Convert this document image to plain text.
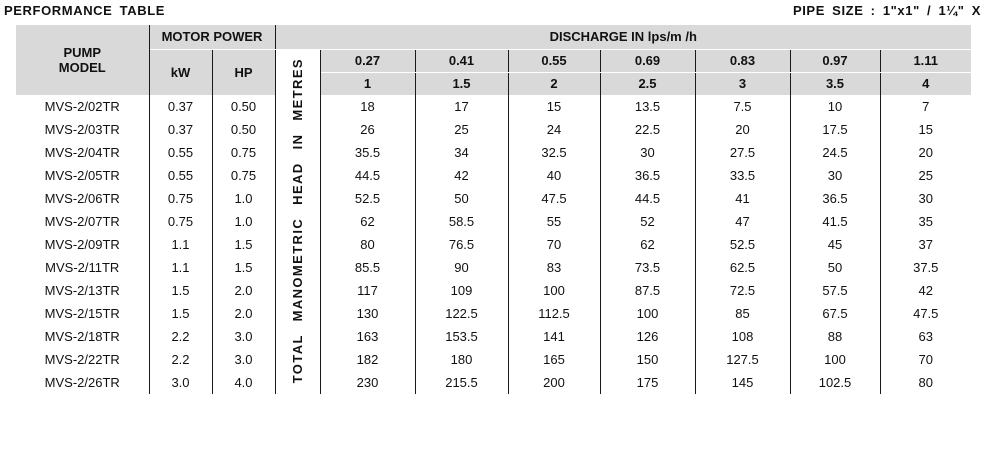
PERFORMANCE TABLE	PIPE SIZE : 1"x1" / 1¼" X
PUMP MODEL	MOTOR POWER		DISCHARGE IN lps/m /h							
	kW	HP	TOTAL MANOMETRIC HEAD IN METRES	0.27	0.41	0.55	0.69	0.83	0.97	1.11
				1	1.5	2	2.5	3	3.5	4
MVS-2/02TR	0.37	0.50		18	17	15	13.5	7.5	10	7
MVS-2/03TR	0.37	0.50		26	25	24	22.5	20	17.5	15
MVS-2/04TR	0.55	0.75		35.5	34	32.5	30	27.5	24.5	20
MVS-2/05TR	0.55	0.75		44.5	42	40	36.5	33.5	30	25
MVS-2/06TR	0.75	1.0		52.5	50	47.5	44.5	41	36.5	30
MVS-2/07TR	0.75	1.0		62	58.5	55	52	47	41.5	35
MVS-2/09TR	1.1	1.5		80	76.5	70	62	52.5	45	37
MVS-2/11TR	1.1	1.5		85.5	90	83	73.5	62.5	50	37.5
MVS-2/13TR	1.5	2.0		117	109	100	87.5	72.5	57.5	42
MVS-2/15TR	1.5	2.0		130	122.5	112.5	100	85	67.5	47.5
MVS-2/18TR	2.2	3.0		163	153.5	141	126	108	88	63
MVS-2/22TR	2.2	3.0		182	180	165	150	127.5	100	70
MVS-2/26TR	3.0	4.0		230	215.5	200	175	145	102.5	80
